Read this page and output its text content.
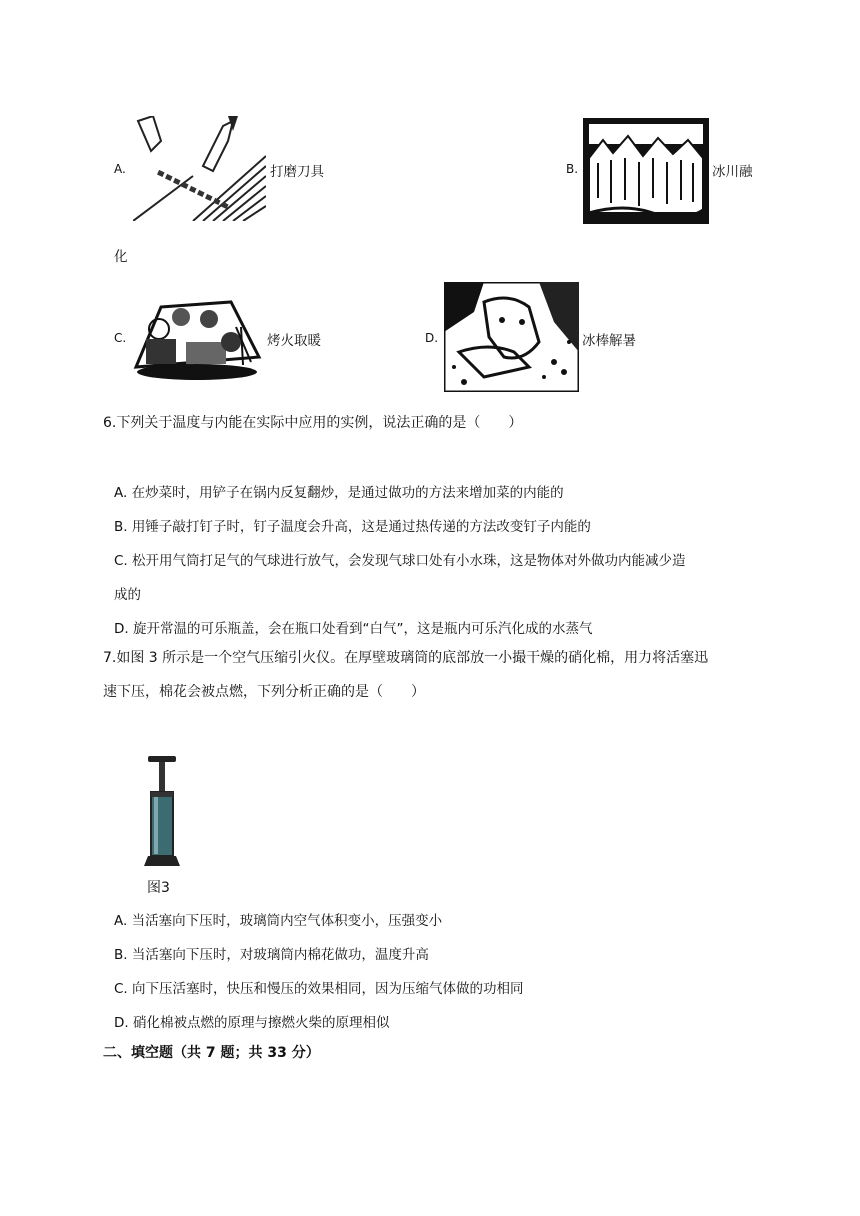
A.	打磨刀具	B.	冰川融
化
C.	烤火取暖	D.	冰棒解暑
6.下列关于温度与内能在实际中应用的实例，说法正确的是（　　）
A. 在炒菜时，用铲子在锅内反复翻炒，是通过做功的方法来增加菜的内能的
B. 用锤子敲打钉子时，钉子温度会升高，这是通过热传递的方法改变钉子内能的
C. 松开用气筒打足气的气球进行放气，会发现气球口处有小水珠，这是物体对外做功内能减少造
成的
D. 旋开常温的可乐瓶盖，会在瓶口处看到“白气”，这是瓶内可乐汽化成的水蒸气
7.如图 3 所示是一个空气压缩引火仪。在厚壁玻璃筒的底部放一小撮干燥的硝化棉，用力将活塞迅
速下压，棉花会被点燃，下列分析正确的是（　　）
图3
A. 当活塞向下压时，玻璃筒内空气体积变小，压强变小
B. 当活塞向下压时，对玻璃筒内棉花做功，温度升高
C. 向下压活塞时，快压和慢压的效果相同，因为压缩气体做的功相同
D. 硝化棉被点燃的原理与擦燃火柴的原理相似
二、填空题（共 7 题；共 33 分）
